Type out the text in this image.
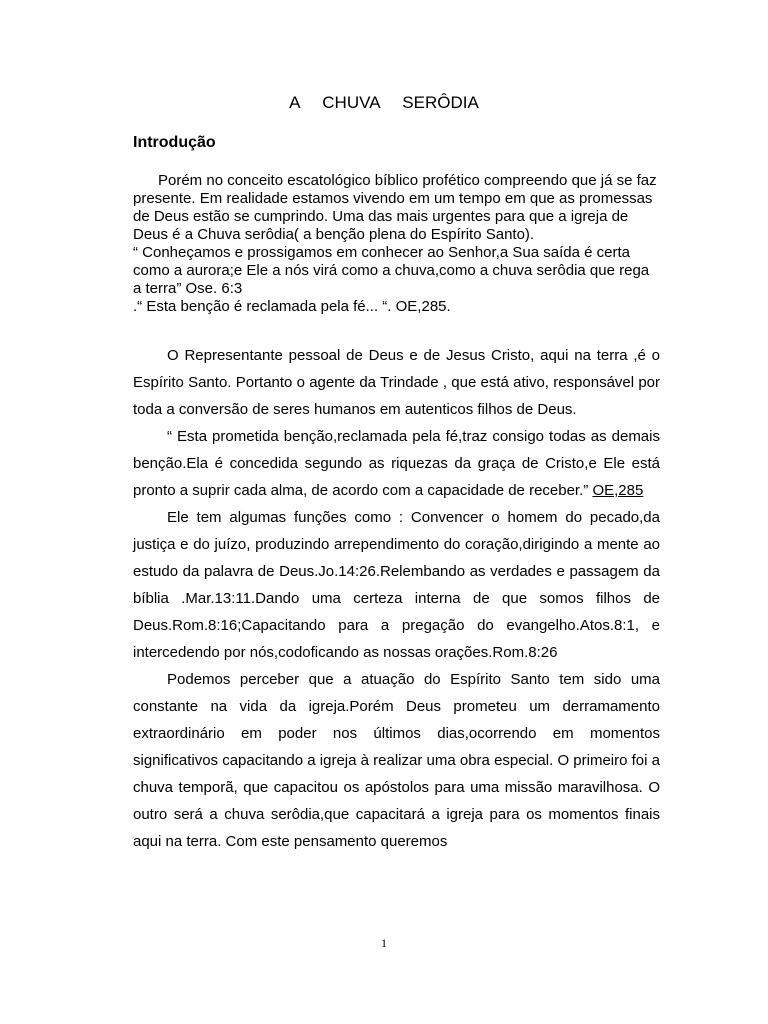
A CHUVA SERÔDIA
Introdução

Porém no conceito escatológico bíblico profético compreendo que já se faz presente. Em realidade estamos vivendo em um tempo em que as promessas de Deus estão se cumprindo. Uma das mais urgentes para que a igreja de Deus é a Chuva serôdia( a benção plena do Espírito Santo).

“ Conheçamos e prossigamos em conhecer ao Senhor,a Sua saída é certa como a aurora;e Ele a nós virá como a chuva,como a chuva serôdia que rega a terra” Ose. 6:3

.“ Esta benção é reclamada pela fé... “. OE,285.

O Representante pessoal de Deus e de Jesus Cristo, aqui na terra ,é o Espírito Santo. Portanto o agente da Trindade , que está ativo, responsável por toda a conversão de seres humanos em autenticos filhos de Deus.

“ Esta prometida benção,reclamada pela fé,traz consigo todas as demais benção.Ela é concedida segundo as riquezas da graça de Cristo,e Ele está pronto a suprir cada alma, de acordo com a capacidade de receber.” OE,285

Ele tem algumas funções como : Convencer o homem do pecado,da justiça e do juízo, produzindo arrependimento do coração,dirigindo a mente ao estudo da palavra de Deus.Jo.14:26.Relembando as verdades e passagem da bíblia .Mar.13:11.Dando uma certeza interna de que somos filhos de Deus.Rom.8:16;Capacitando para a pregação do evangelho.Atos.8:1, e intercedendo por nós,codoficando as nossas orações.Rom.8:26

Podemos perceber que a atuação do Espírito Santo tem sido uma constante na vida da igreja.Porém Deus prometeu um derramamento extraordinário em poder nos últimos dias,ocorrendo em momentos significativos capacitando a igreja à realizar uma obra especial. O primeiro foi a chuva temporã, que capacitou os apóstolos para uma missão maravilhosa. O outro será a chuva serôdia,que capacitará a igreja para os momentos finais aqui na terra. Com este pensamento queremos

1
